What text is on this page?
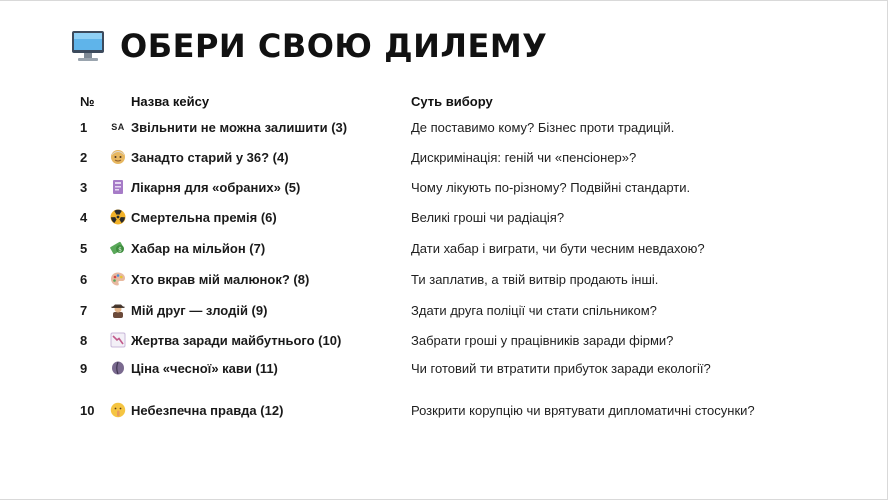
ОБЕРИ СВОЮ ДИЛЕМУ
№	Назва кейсу	Суть вибору
1	SA Звільнити не можна залишити (3)	Де поставимо кому? Бізнес проти традицій.
2	Занадто старий у 36? (4)	Дискримінація: геній чи «пенсіонер»?
3	Лікарня для «обраних» (5)	Чому лікують по-різному? Подвійні стандарти.
4	Смертельна премія (6)	Великі гроші чи радіація?
5	$ Хабар на мільйон (7)	Дати хабар і виграти, чи бути чесним невдахою?
6	Хто вкрав мій малюнок? (8)	Ти заплатив, а твій витвір продають інші.
7	Мій друг — злодій (9)	Здати друга поліції чи стати спільником?
8	Жертва заради майбутнього (10)	Забрати гроші у працівників заради фірми?
9	Ціна «чесної» кави (11)	Чи готовий ти втратити прибуток заради екології?
10	Небезпечна правда (12)	Розкрити корупцію чи врятувати дипломатичні стосунки?
